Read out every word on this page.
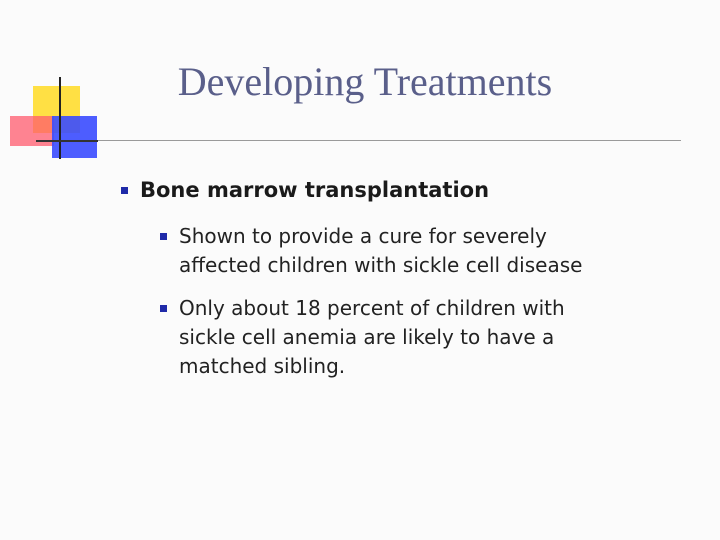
Developing Treatments
Bone marrow transplantation
Shown to provide a cure for severely affected children with sickle cell disease
Only about 18 percent of children with sickle cell anemia are likely to have a matched sibling.
